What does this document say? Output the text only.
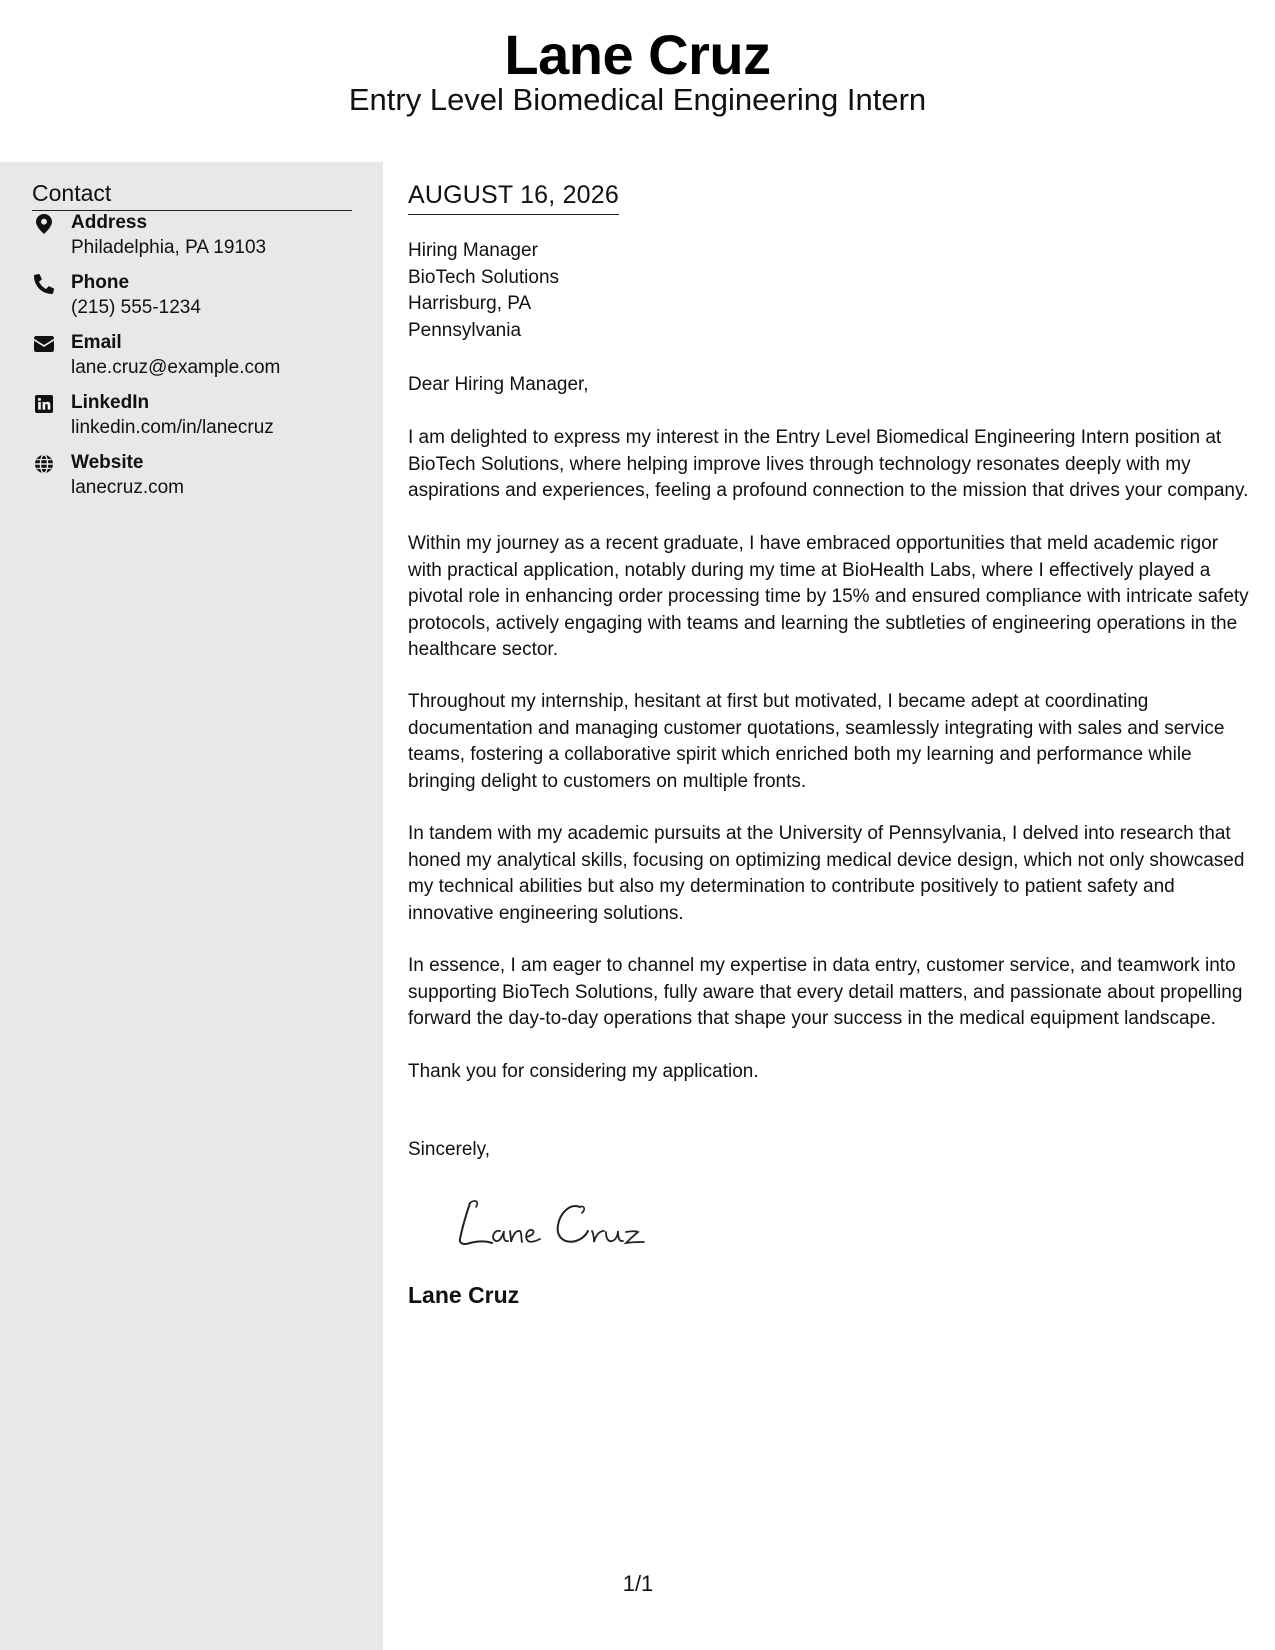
Lane Cruz
Entry Level Biomedical Engineering Intern
Contact
Address
Philadelphia, PA 19103
Phone
(215) 555-1234
Email
lane.cruz@example.com
LinkedIn
linkedin.com/in/lanecruz
Website
lanecruz.com
AUGUST 16, 2026
Hiring Manager
BioTech Solutions
Harrisburg, PA
Pennsylvania
Dear Hiring Manager,

I am delighted to express my interest in the Entry Level Biomedical Engineering Intern position at BioTech Solutions, where helping improve lives through technology resonates deeply with my aspirations and experiences, feeling a profound connection to the mission that drives your company.

Within my journey as a recent graduate, I have embraced opportunities that meld academic rigor with practical application, notably during my time at BioHealth Labs, where I effectively played a pivotal role in enhancing order processing time by 15% and ensured compliance with intricate safety protocols, actively engaging with teams and learning the subtleties of engineering operations in the healthcare sector.

Throughout my internship, hesitant at first but motivated, I became adept at coordinating documentation and managing customer quotations, seamlessly integrating with sales and service teams, fostering a collaborative spirit which enriched both my learning and performance while bringing delight to customers on multiple fronts.

In tandem with my academic pursuits at the University of Pennsylvania, I delved into research that honed my analytical skills, focusing on optimizing medical device design, which not only showcased my technical abilities but also my determination to contribute positively to patient safety and innovative engineering solutions.

In essence, I am eager to channel my expertise in data entry, customer service, and teamwork into supporting BioTech Solutions, fully aware that every detail matters, and passionate about propelling forward the day-to-day operations that shape your success in the medical equipment landscape.

Thank you for considering my application.

Sincerely,
Lane Cruz
1/1
